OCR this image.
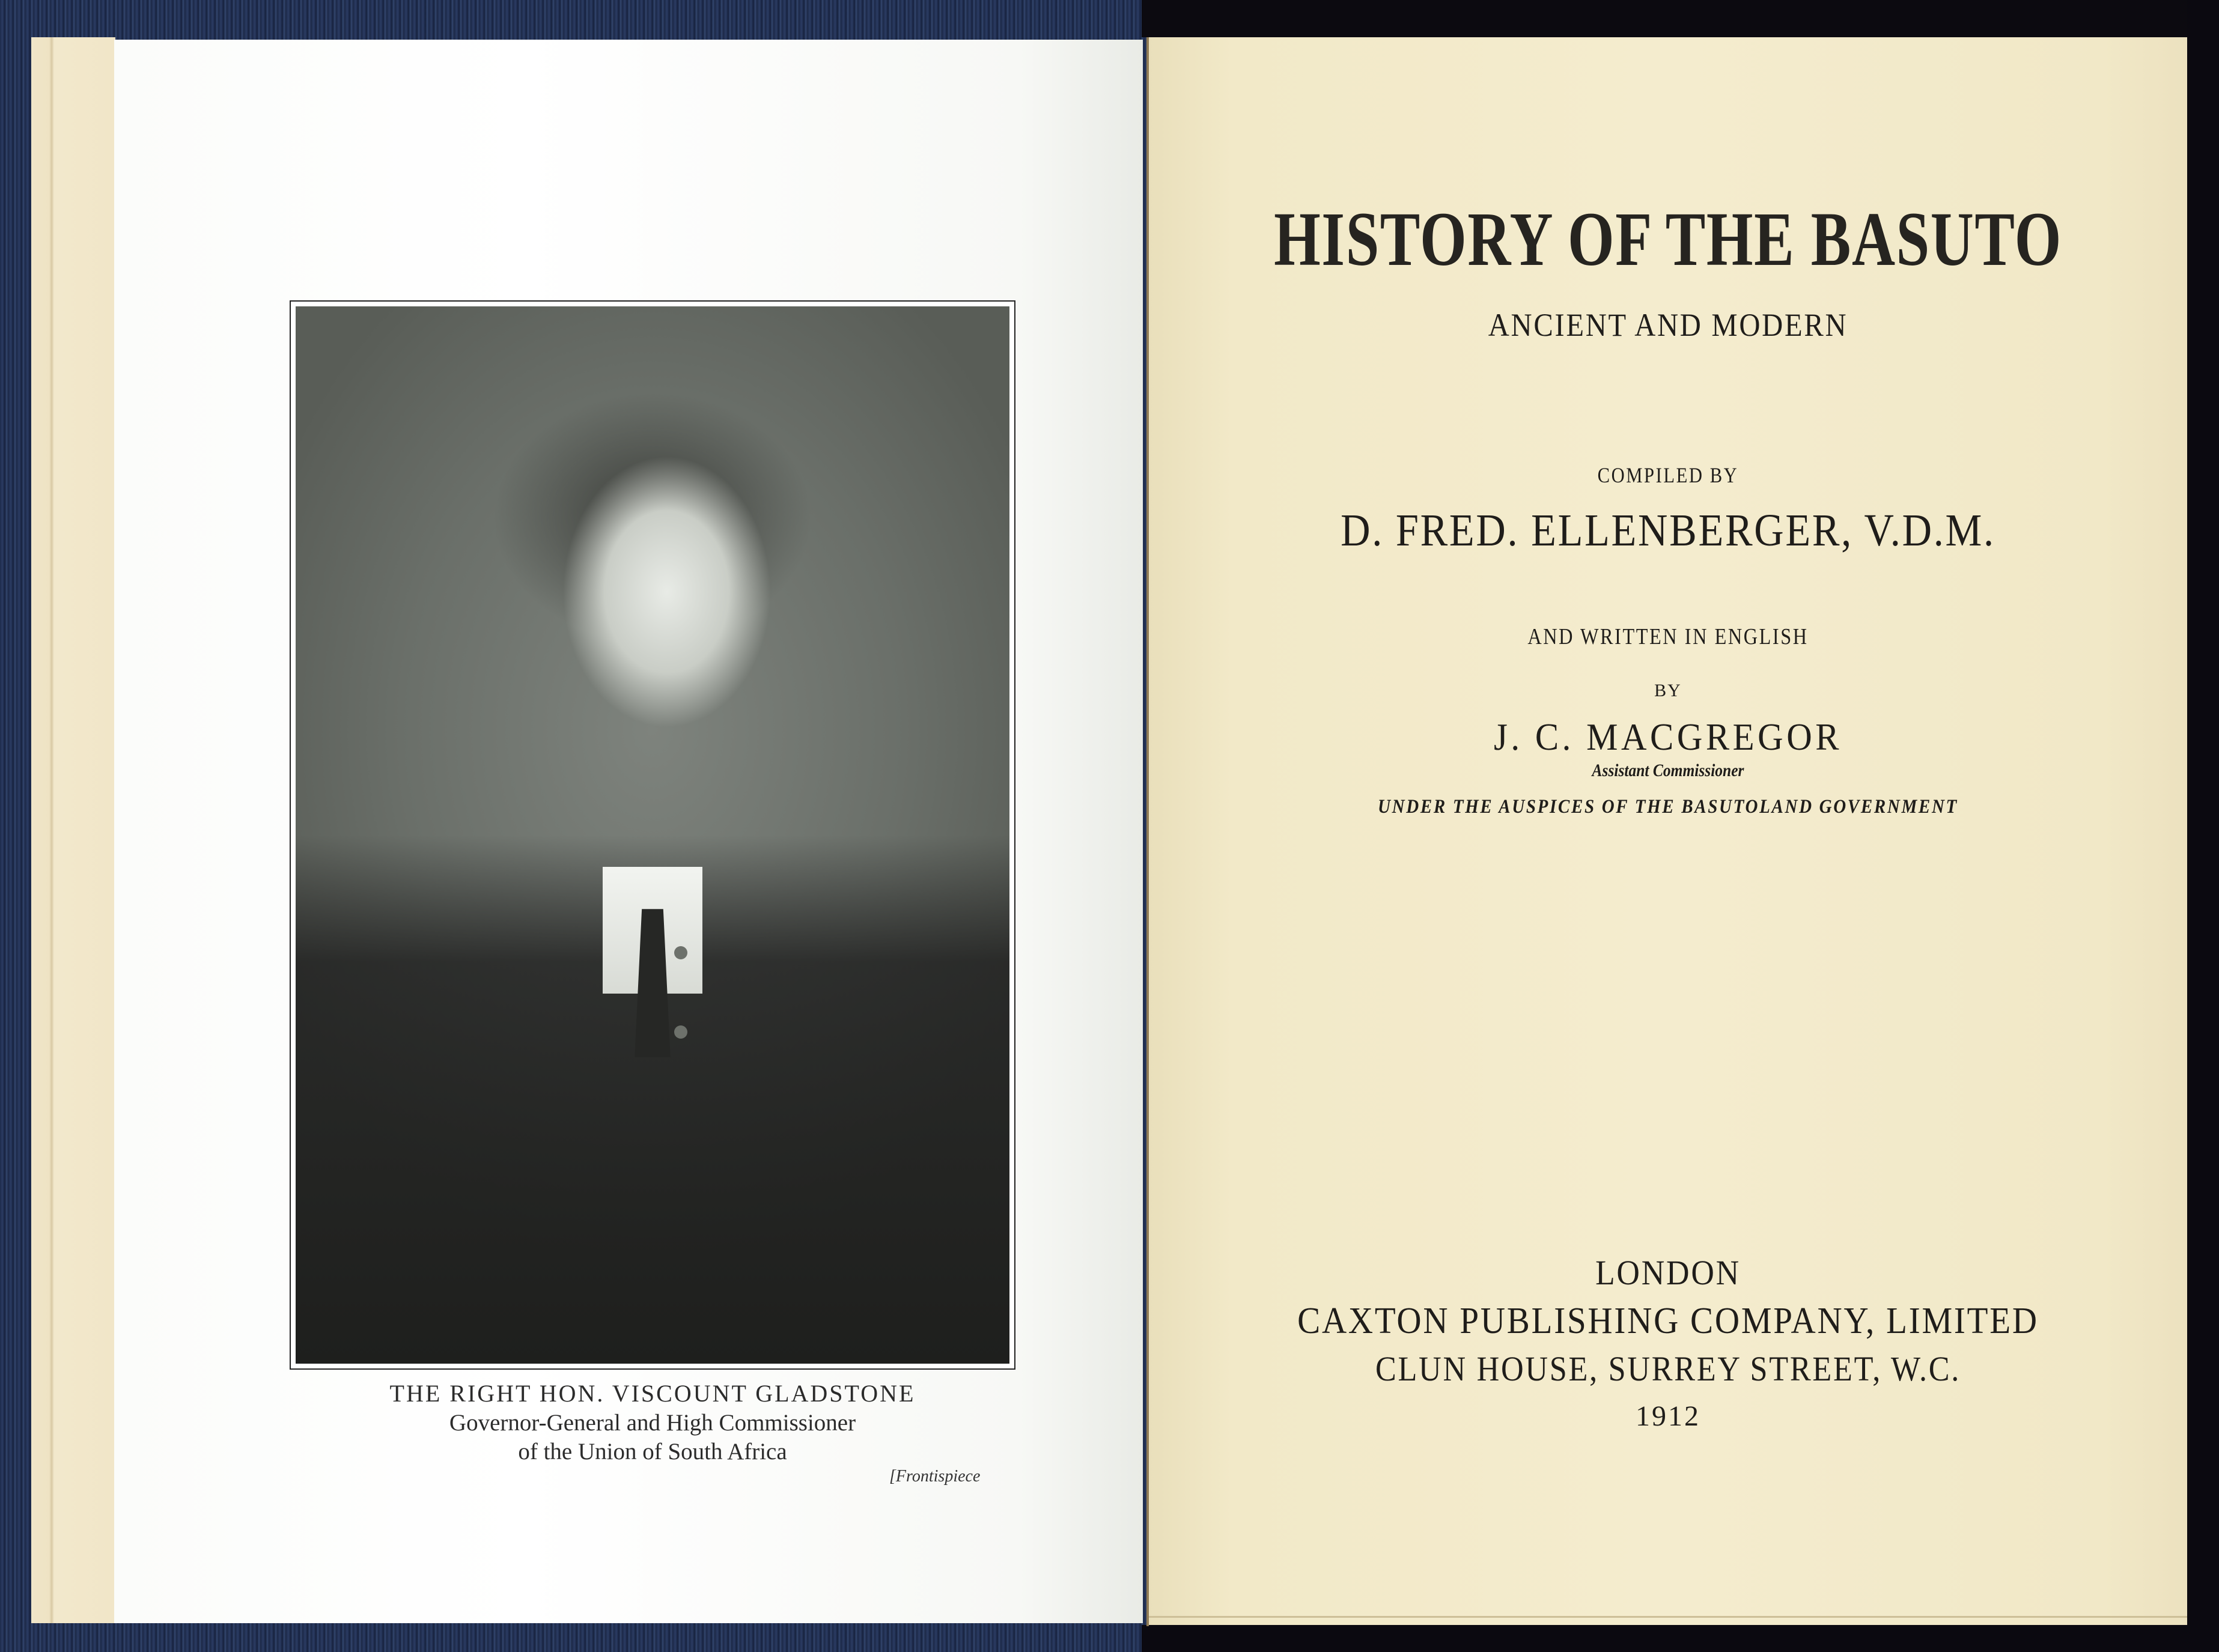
THE RIGHT HON. VISCOUNT GLADSTONE
Governor-General and High Commissioner
of the Union of South Africa
[Frontispiece
HISTORY OF THE BASUTO
ANCIENT AND MODERN
COMPILED BY
D. FRED. ELLENBERGER, V.D.M.
AND WRITTEN IN ENGLISH
BY
J. C. MACGREGOR
Assistant Commissioner
UNDER THE AUSPICES OF THE BASUTOLAND GOVERNMENT
LONDON
CAXTON PUBLISHING COMPANY, LIMITED
CLUN HOUSE, SURREY STREET, W.C.
1912
